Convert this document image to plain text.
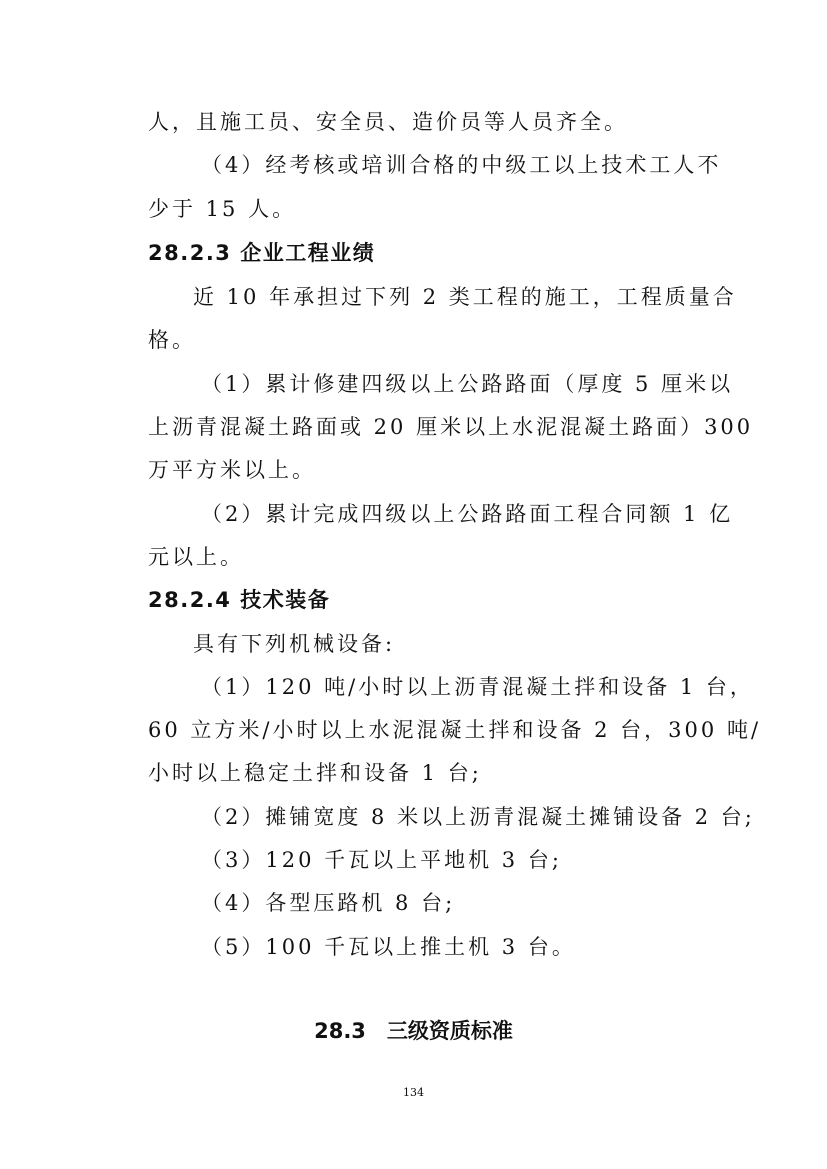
人，且施工员、安全员、造价员等人员齐全。
（4）经考核或培训合格的中级工以上技术工人不
少于 15 人。
28.2.3 企业工程业绩
近 10 年承担过下列 2 类工程的施工，工程质量合
格。
（1）累计修建四级以上公路路面（厚度 5 厘米以
上沥青混凝土路面或 20 厘米以上水泥混凝土路面）300
万平方米以上。
（2）累计完成四级以上公路路面工程合同额 1 亿
元以上。
28.2.4 技术装备
具有下列机械设备:
（1）120 吨/小时以上沥青混凝土拌和设备 1 台，
60 立方米/小时以上水泥混凝土拌和设备 2 台，300 吨/
小时以上稳定土拌和设备 1 台;
（2）摊铺宽度 8 米以上沥青混凝土摊铺设备 2 台;
（3）120 千瓦以上平地机 3 台;
（4）各型压路机 8 台;
（5）100 千瓦以上推土机 3 台。
28.3　三级资质标准
134
